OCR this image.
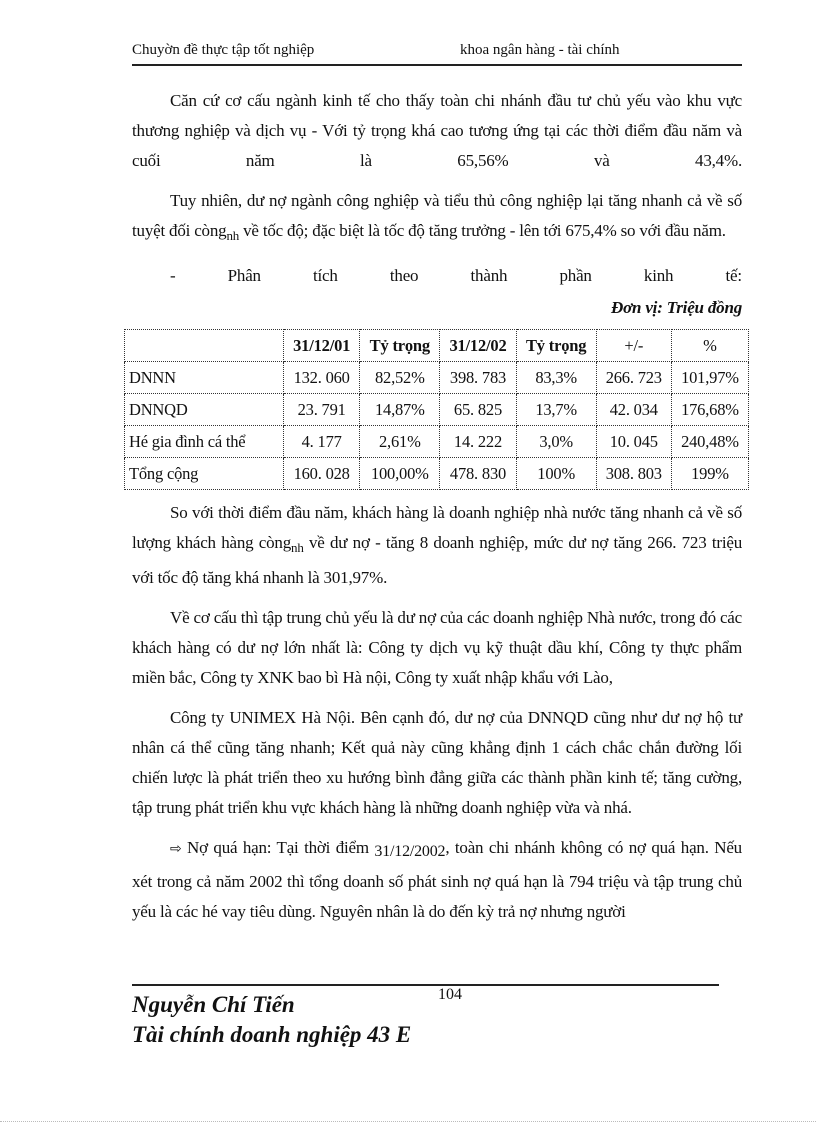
Chuyờn đề thực tập tốt nghiệp	khoa ngân hàng - tài chính

Căn cứ cơ cấu ngành kinh tế cho thấy toàn chi nhánh đầu tư chủ yếu vào khu vực thương nghiệp và dịch vụ - Với tỷ trọng khá cao tương ứng tại các thời điểm đầu năm và cuối năm là 65,56% và 43,4%.

Tuy nhiên, dư nợ ngành công nghiệp và tiểu thủ công nghiệp lại tăng nhanh cả về số tuyệt đối còng$_{nh}$ về tốc độ; đặc biệt là tốc độ tăng trưởng - lên tới 675,4% so với đầu năm.

-	Phân	tích	theo	thành	phần	kinh	tế:
Đơn vị: Triệu đồng
	31/12/01	Tỷ trọng	31/12/02	Tỷ trọng	+/-	%
DNNN	132. 060	82,52%	398. 783	83,3%	266. 723	101,97%
DNNQD	23. 791	14,87%	65. 825	13,7%	42. 034	176,68%
Hé gia đình cá thể	4. 177	2,61%	14. 222	3,0%	10. 045	240,48%
Tổng cộng	160. 028	100,00%	478. 830	100%	308. 803	199%

So với thời điểm đầu năm, khách hàng là doanh nghiệp nhà nước tăng nhanh cả về số lượng khách hàng còng$_{nh}$ về dư nợ - tăng 8 doanh nghiệp, mức dư nợ tăng 266. 723 triệu với tốc độ tăng khá nhanh là 301,97%.

Về cơ cấu thì tập trung chủ yếu là dư nợ của các doanh nghiệp Nhà nước, trong đó các khách hàng có dư nợ lớn nhất là: Công ty dịch vụ kỹ thuật dầu khí, Công ty thực phẩm miền bắc, Công ty XNK bao bì Hà nội, Công ty xuất nhập khẩu với Lào,

Công ty UNIMEX Hà Nội. Bên cạnh đó, dư nợ của DNNQD cũng như dư nợ hộ tư nhân cá thể cũng tăng nhanh; Kết quả này cũng khẳng định 1 cách chắc chắn đường lối chiến lược là phát triển theo xu hướng bình đẳng giữa các thành phần kinh tế; tăng cường, tập trung phát triển khu vực khách hàng là những doanh nghiệp vừa và nhá.

⇨ Nợ quá hạn: Tại thời điểm 31/12/2002, toàn chi nhánh không có nợ quá hạn. Nếu xét trong cả năm 2002 thì tổng doanh số phát sinh nợ quá hạn là 794 triệu và tập trung chủ yếu là các hé vay tiêu dùng. Nguyên nhân là do đến kỳ trả nợ nhưng người

104
Nguyễn Chí Tiến
Tài chính doanh nghiệp 43 E
